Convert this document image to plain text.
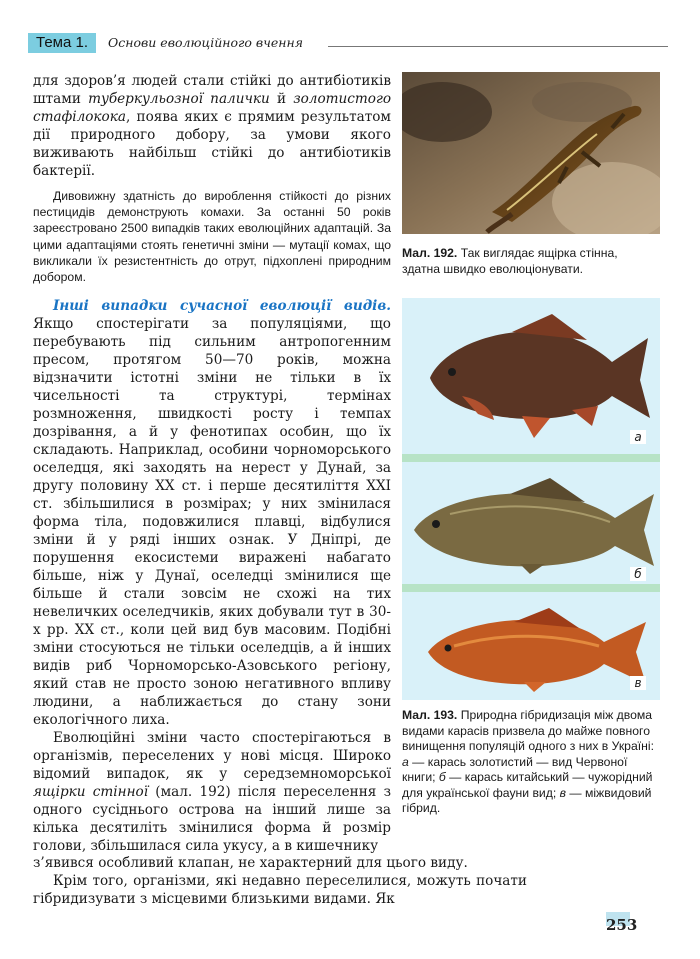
Тема 1.	Основи еволюційного вчення

для здоров’я людей стали стійкі до антибіотиків штами туберкульозної палички й золотистого стафілокока, поява яких є прямим результатом дії природного добору, за умови якого виживають найбільш стійкі до антибіотиків бактерії.

Дивовижну здатність до вироблення стійкості до різних пестицидів демонструють комахи. За останні 50 років зареєстровано 2500 випадків таких еволюційних адаптацій. За цими адаптаціями стоять генетичні зміни — мутації комах, що викликали їх резистентність до отрут, підхоплені природним добором.

Інші випадки сучасної еволюції видів. Якщо спостерігати за популяціями, що перебувають під сильним антропогенним пресом, протягом 50—70 років, можна відзначити істотні зміни не тільки в їх чисельності та структурі, термінах розмноження, швидкості росту і темпах дозрівання, а й у фенотипах особин, що їх складають. Наприклад, особини чорноморського оселедця, які заходять на нерест у Дунай, за другу половину XX ст. і перше десятиліття XXI ст. збільшилися в розмірах; у них змінилася форма тіла, подовжилися плавці, відбулися зміни й у ряді інших ознак. У Дніпрі, де порушення екосистеми виражені набагато більше, ніж у Дунаї, оселедці змінилися ще більше й стали зовсім не схожі на тих невеличких оселедчиків, яких добували тут в 30-х рр. XX ст., коли цей вид був масовим. Подібні зміни стосуються не тільки оселедців, а й інших видів риб Чорноморсько-Азовського регіону, який став не просто зоною негативного впливу людини, а наближається до стану зони екологічного лиха.

Еволюційні зміни часто спостерігаються в організмів, переселених у нові місця. Широко відомий випадок, як у середземноморської ящірки стінної (мал. 192) після переселення з одного сусіднього острова на інший лише за кілька десятиліть змінилися форма й розмір голови, збільшилася сила укусу, а в кишечнику

з’явився особливий клапан, не характерний для цього виду.

Крім того, організми, які недавно переселилися, можуть почати гібридизувати з місцевими близькими видами. Як

Мал. 192. Так виглядає ящірка стінна,
здатна швидко еволюціонувати.
а
б
в
Мал. 193. Природна гібридизація між двома видами карасів призвела до майже повного винищення популяцій одного з них в Україні: а — карась золотистий — вид Червоної книги; б — карась китайський — чужорідний для української фауни вид; в — міжвидовий гібрид.
253
